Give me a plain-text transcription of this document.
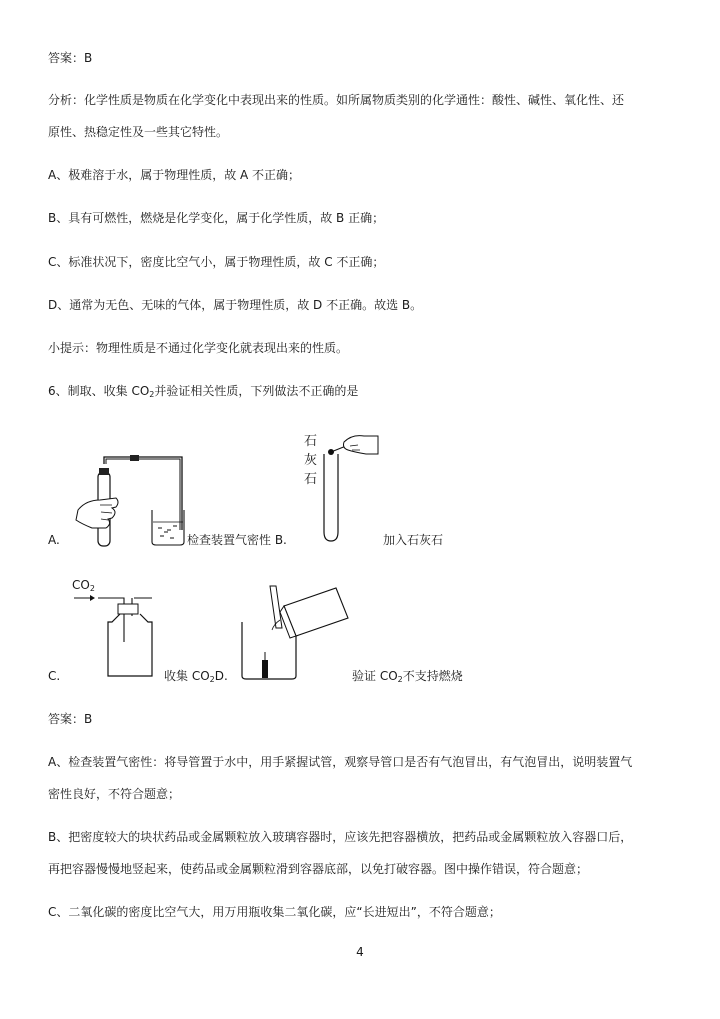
答案：B
分析：化学性质是物质在化学变化中表现出来的性质。如所属物质类别的化学通性：酸性、碱性、氧化性、还
原性、热稳定性及一些其它特性。
A、极难溶于水，属于物理性质，故 A 不正确；
B、具有可燃性，燃烧是化学变化，属于化学性质，故 B 正确；
C、标准状况下，密度比空气小，属于物理性质，故 C 不正确；
D、通常为无色、无味的气体，属于物理性质，故 D 不正确。故选 B。
小提示：物理性质是不通过化学变化就表现出来的性质。
6、制取、收集 $CO_2$并验证相关性质，下列做法不正确的是
A.	检查装置气密性 B.
石
灰
石
加入石灰石
$CO_2$
C.	收集 $CO_2D$.	验证 $CO_2$不支持燃烧
答案：B
A、检查装置气密性：将导管置于水中，用手紧握试管，观察导管口是否有气泡冒出，有气泡冒出，说明装置气
密性良好，不符合题意；
B、把密度较大的块状药品或金属颗粒放入玻璃容器时，应该先把容器横放，把药品或金属颗粒放入容器口后，
再把容器慢慢地竖起来，使药品或金属颗粒滑到容器底部，以免打破容器。图中操作错误，符合题意；
C、二氧化碳的密度比空气大，用万用瓶收集二氧化碳，应“长进短出”，不符合题意；
4
